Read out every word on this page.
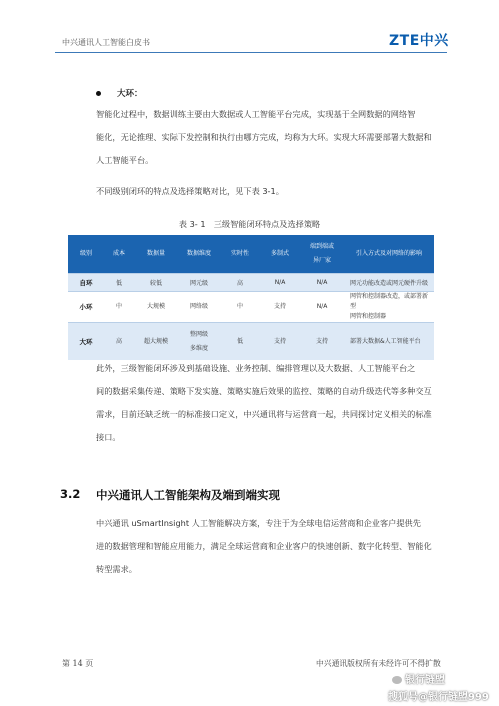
中兴通讯人工智能白皮书	ZTE中兴
大环：
智能化过程中，数据训练主要由大数据或人工智能平台完成，实现基于全网数据的网络智
能化，无论推理、实际下发控制和执行由哪方完成，均称为大环。实现大环需要部署大数据和
人工智能平台。
不同级别闭环的特点及选择策略对比，见下表 3-1。
表 3- 1　三级智能闭环特点及选择策略
级别	成本	数据量	数据维度	实时性	多制式	端到端或
异厂家	引入方式及对网络的影响
自环	低	较低	网元级	高	N/A	N/A	网元功能改造或网元硬件升级
小环	中	大规模	网络级	中	支持	N/A	网管和控制器改造，或部署新型
网管和控制器
大环	高	超大规模	整网级
多维度	低	支持	支持	部署大数据&人工智能平台
此外，三级智能闭环涉及到基础设施、业务控制、编排管理以及大数据、人工智能平台之
间的数据采集传递、策略下发实施、策略实施后效果的监控、策略的自动升级迭代等多种交互
需求，目前还缺乏统一的标准接口定义，中兴通讯将与运营商一起，共同探讨定义相关的标准
接口。
3.2 中兴通讯人工智能架构及端到端实现
中兴通讯 uSmartInsight 人工智能解决方案，专注于为全球电信运营商和企业客户提供先
进的数据管理和智能应用能力，满足全球运营商和企业客户的快速创新、数字化转型、智能化
转型需求。
第 14 页	中兴通讯版权所有未经许可不得扩散
银行链盟
搜狐号@银行链盟999
